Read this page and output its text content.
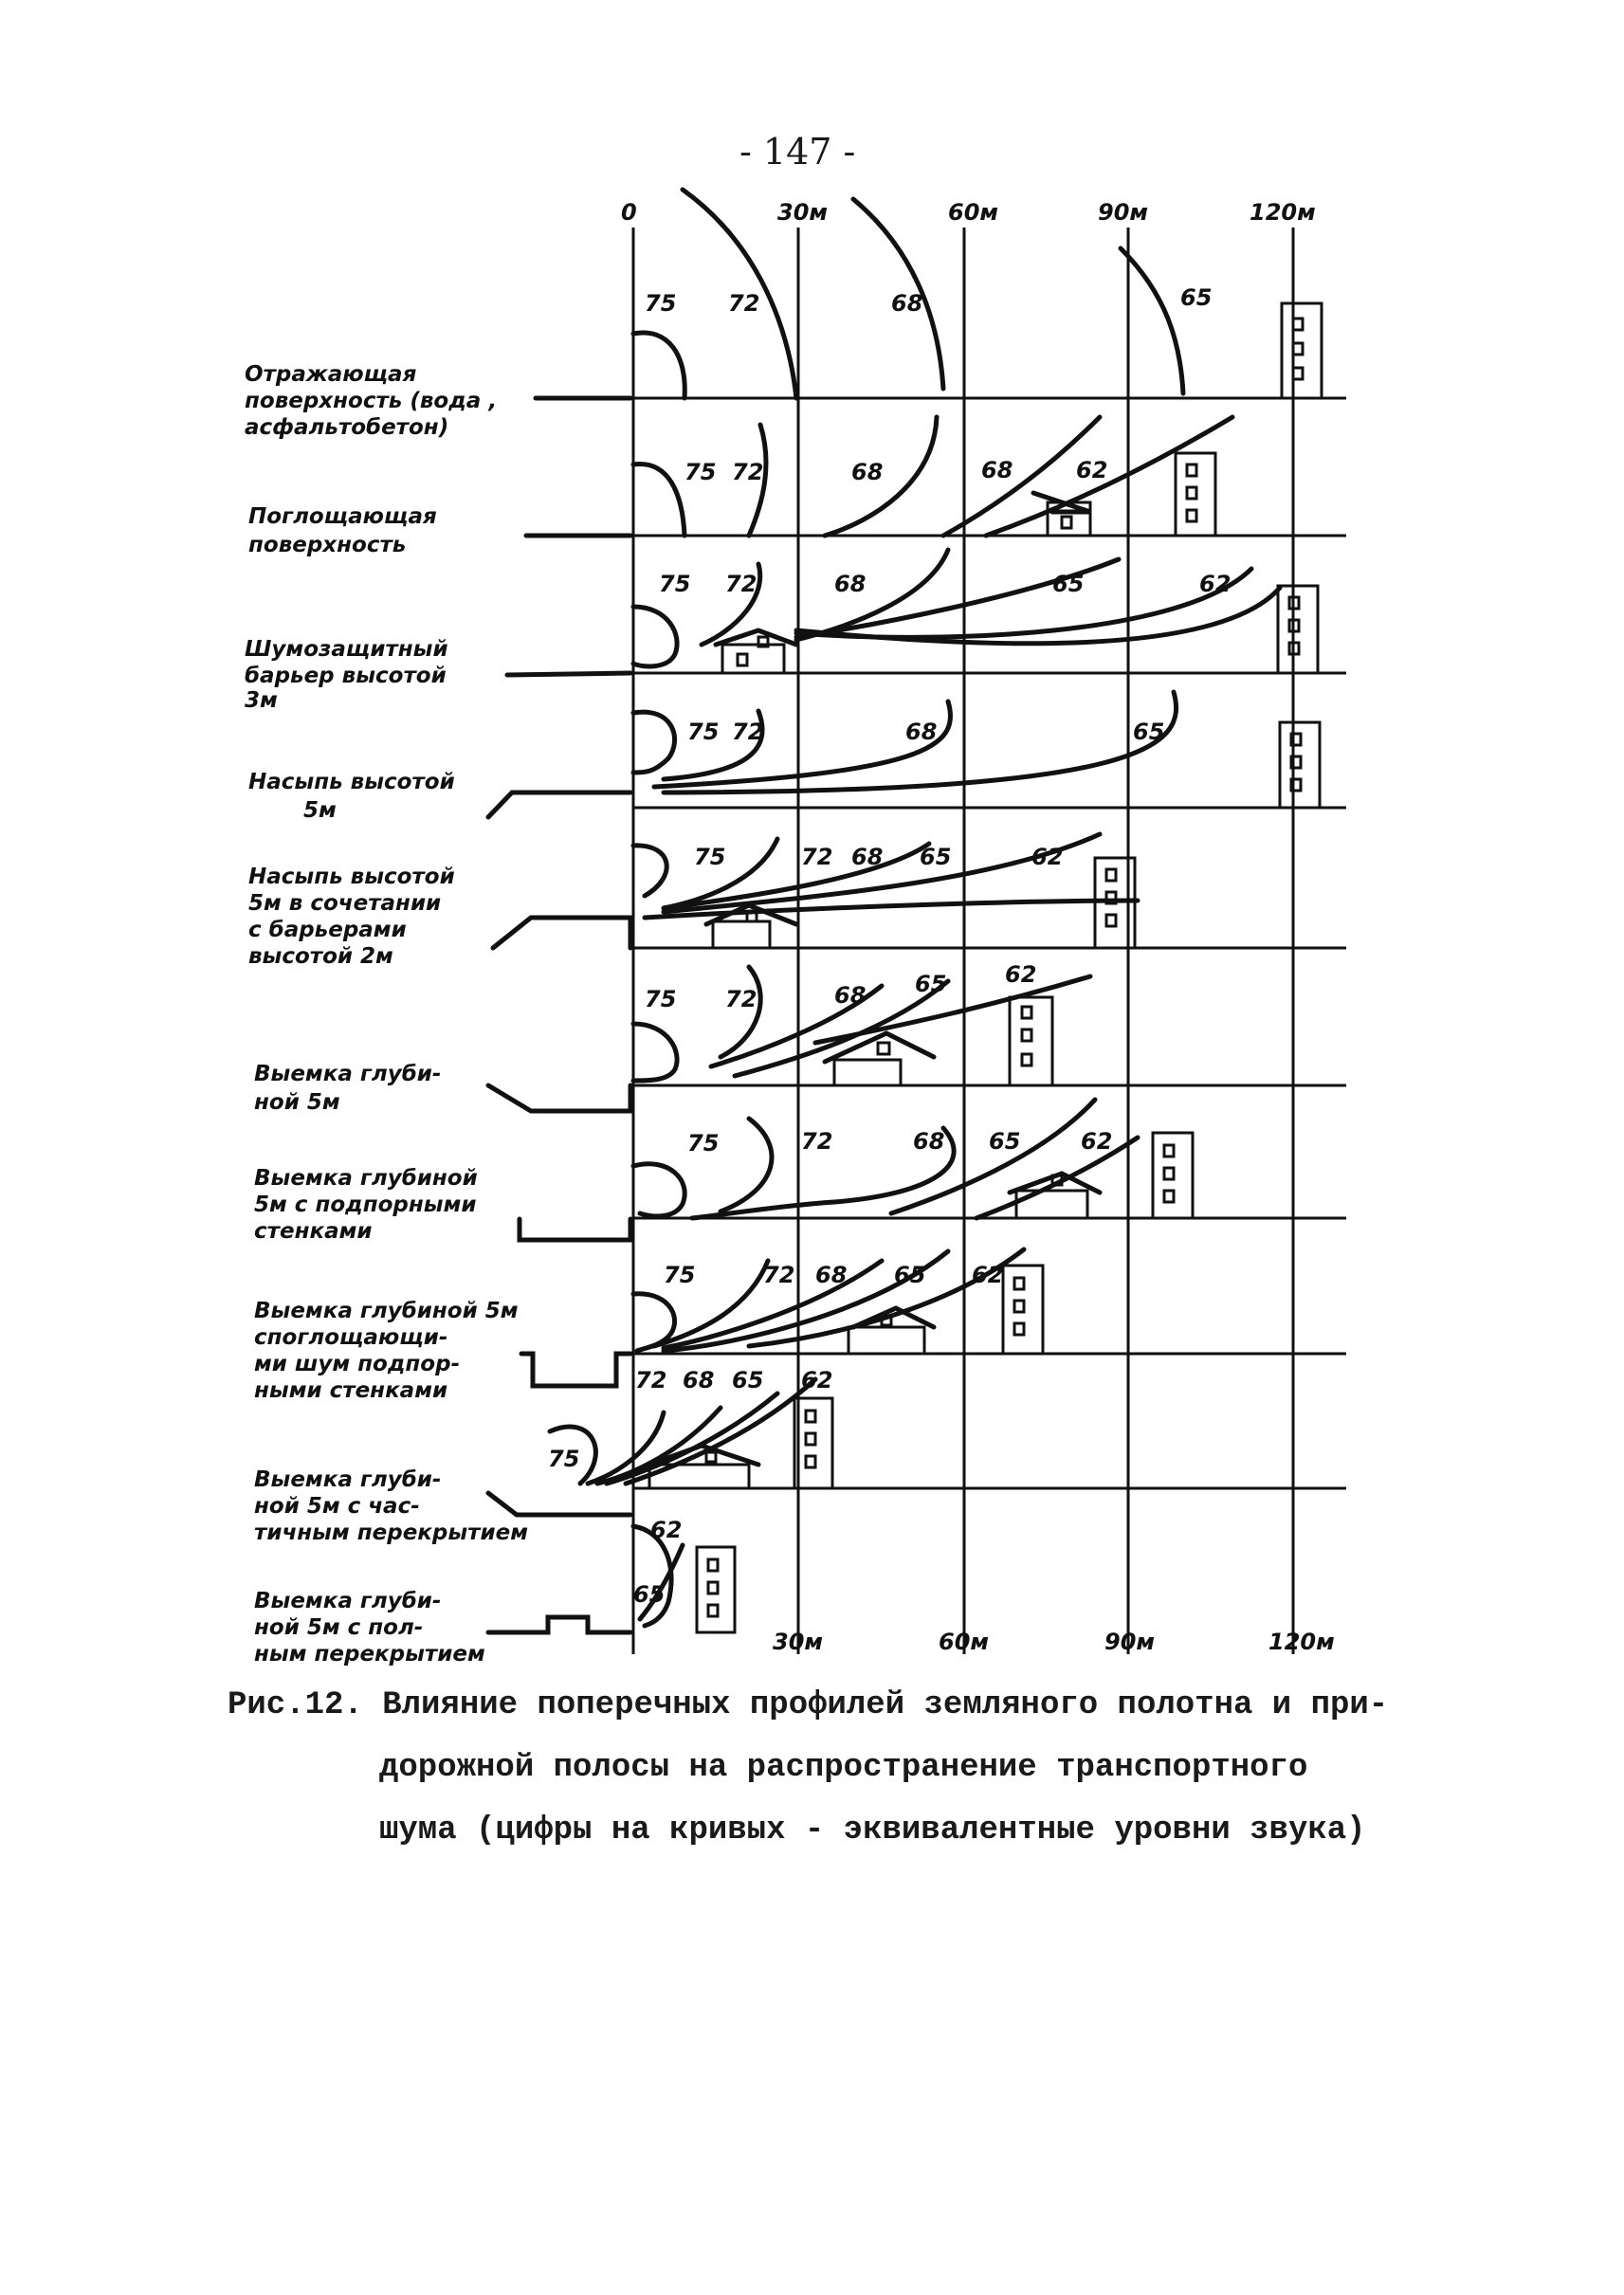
- 147 -
0	30м	60м	90м	120м
30м	60м	90м	120м
Отражающая
поверхность (вода ,
асфальтобетон)
Поглощающая
поверхность
Шумозащитный
барьер высотой
3м
Насыпь высотой
5м
Насыпь высотой
5м в сочетании
с барьерами
высотой 2м
Выемка глуби-
ной 5м
Выемка глубиной
5м с подпорными
стенками
Выемка глубиной 5м
споглощающи-
ми шум подпор-
ными стенками
Выемка глуби-
ной 5м с час-
тичным перекрытием
Выемка глуби-
ной 5м с пол-
ным перекрытием
75 72	68	65
75 72	68	68	62
75 72	68	65	62
75 72	68	65
75	72 68 65	62
75 72	68 65	62
75	72	68 65	62
75	72 68 65 62
75
72 68 65 62
62
65
Рис.12. Влияние поперечных профилей земляного полотна и при-
дорожной полосы на распространение транспортного
шума (цифры на кривых - эквивалентные уровни звука)
